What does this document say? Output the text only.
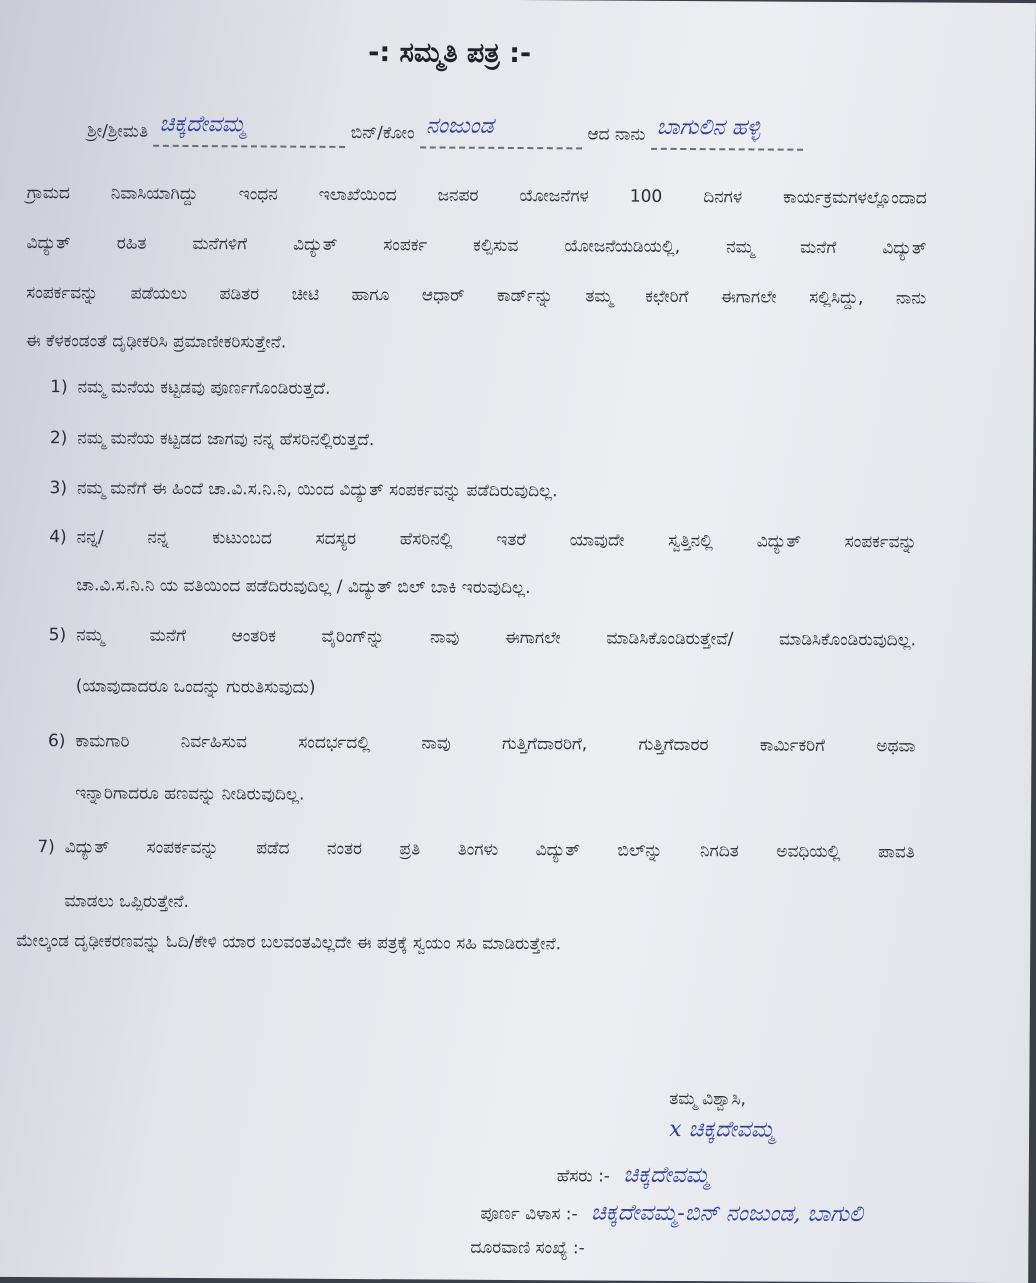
-: ಸಮ್ಮತಿ ಪತ್ರ :-
ಶ್ರೀ/ಶ್ರೀಮತಿ ಚಿಕ್ಕದೇವಮ್ಮ	ಬಿನ್/ಕೋಂ ನಂಜುಂಡ	ಆದ ನಾನು ಬಾಗುಲಿನ ಹಳ್ಳಿ
ಗ್ರಾಮದ ನಿವಾಸಿಯಾಗಿದ್ದು ಇಂಧನ ಇಲಾಖೆಯಿಂದ ಜನಪರ ಯೋಜನೆಗಳ 100 ದಿನಗಳ ಕಾರ್ಯಕ್ರಮಗಳಲ್ಲೊಂದಾದ
ವಿದ್ಯುತ್ ರಹಿತ ಮನೆಗಳಿಗೆ ವಿದ್ಯುತ್ ಸಂಪರ್ಕ ಕಲ್ಪಿಸುವ ಯೋಜನೆಯಡಿಯಲ್ಲಿ, ನಮ್ಮ ಮನೆಗೆ ವಿದ್ಯುತ್
ಸಂಪರ್ಕವನ್ನು ಪಡೆಯಲು ಪಡಿತರ ಚೀಟಿ ಹಾಗೂ ಆಧಾರ್ ಕಾರ್ಡ್‌ನ್ನು ತಮ್ಮ ಕಛೇರಿಗೆ ಈಗಾಗಲೇ ಸಲ್ಲಿಸಿದ್ದು, ನಾನು
ಈ ಕೆಳಕಂಡಂತೆ ದೃಢೀಕರಿಸಿ ಪ್ರಮಾಣೀಕರಿಸುತ್ತೇನೆ.
1) ನಮ್ಮ ಮನೆಯ ಕಟ್ಟಡವು ಪೂರ್ಣಗೊಂಡಿರುತ್ತದೆ.
2) ನಮ್ಮ ಮನೆಯ ಕಟ್ಟಡದ ಜಾಗವು ನನ್ನ ಹೆಸರಿನಲ್ಲಿರುತ್ತದೆ.
3) ನಮ್ಮ ಮನೆಗೆ ಈ ಹಿಂದೆ ಚಾ.ವಿ.ಸ.ನಿ.ನಿ, ಯಿಂದ ವಿದ್ಯುತ್ ಸಂಪರ್ಕವನ್ನು ಪಡೆದಿರುವುದಿಲ್ಲ.
4) ನನ್ನ/ ನನ್ನ ಕುಟುಂಬದ ಸದಸ್ಯರ ಹೆಸರಿನಲ್ಲಿ ಇತರೆ ಯಾವುದೇ ಸ್ವತ್ತಿನಲ್ಲಿ ವಿದ್ಯುತ್ ಸಂಪರ್ಕವನ್ನು
ಚಾ.ವಿ.ಸ.ನಿ.ನಿ ಯ ವತಿಯಿಂದ ಪಡೆದಿರುವುದಿಲ್ಲ / ವಿದ್ಯುತ್ ಬಿಲ್ ಬಾಕಿ ಇರುವುದಿಲ್ಲ.
5) ನಮ್ಮ ಮನೆಗೆ ಆಂತರಿಕ ವೈರಿಂಗ್‌ನ್ನು ನಾವು ಈಗಾಗಲೇ ಮಾಡಿಸಿಕೊಂಡಿರುತ್ತೇವೆ/ ಮಾಡಿಸಿಕೊಂಡಿರುವುದಿಲ್ಲ.
(ಯಾವುದಾದರೂ ಒಂದನ್ನು ಗುರುತಿಸುವುದು)
6) ಕಾಮಗಾರಿ ನಿರ್ವಹಿಸುವ ಸಂದರ್ಭದಲ್ಲಿ ನಾವು ಗುತ್ತಿಗೆದಾರರಿಗೆ, ಗುತ್ತಿಗೆದಾರರ ಕಾರ್ಮಿಕರಿಗೆ ಅಥವಾ
ಇನ್ನಾರಿಗಾದರೂ ಹಣವನ್ನು ನೀಡಿರುವುದಿಲ್ಲ.
7) ವಿದ್ಯುತ್ ಸಂಪರ್ಕವನ್ನು ಪಡೆದ ನಂತರ ಪ್ರತಿ ತಿಂಗಳು ವಿದ್ಯುತ್ ಬಿಲ್‌ನ್ನು ನಿಗದಿತ ಅವಧಿಯಲ್ಲಿ ಪಾವತಿ
ಮಾಡಲು ಒಪ್ಪಿರುತ್ತೇನೆ.
ಮೇಲ್ಕಂಡ ದೃಢೀಕರಣವನ್ನು ಓದಿ/ಕೇಳಿ ಯಾರ ಬಲವಂತವಿಲ್ಲದೇ ಈ ಪತ್ರಕ್ಕೆ ಸ್ವಯಂ ಸಹಿ ಮಾಡಿರುತ್ತೇನೆ.
ತಮ್ಮ ವಿಶ್ವಾಸಿ,
x ಚಿಕ್ಕದೇವಮ್ಮ
ಹೆಸರು :- ಚಿಕ್ಕದೇವಮ್ಮ
ಪೂರ್ಣ ವಿಳಾಸ :- ಚಿಕ್ಕದೇವಮ್ಮ-ಬಿನ್ ನಂಜುಂಡ, ಬಾಗುಲಿ
ದೂರವಾಣಿ ಸಂಖ್ಯೆ :-
